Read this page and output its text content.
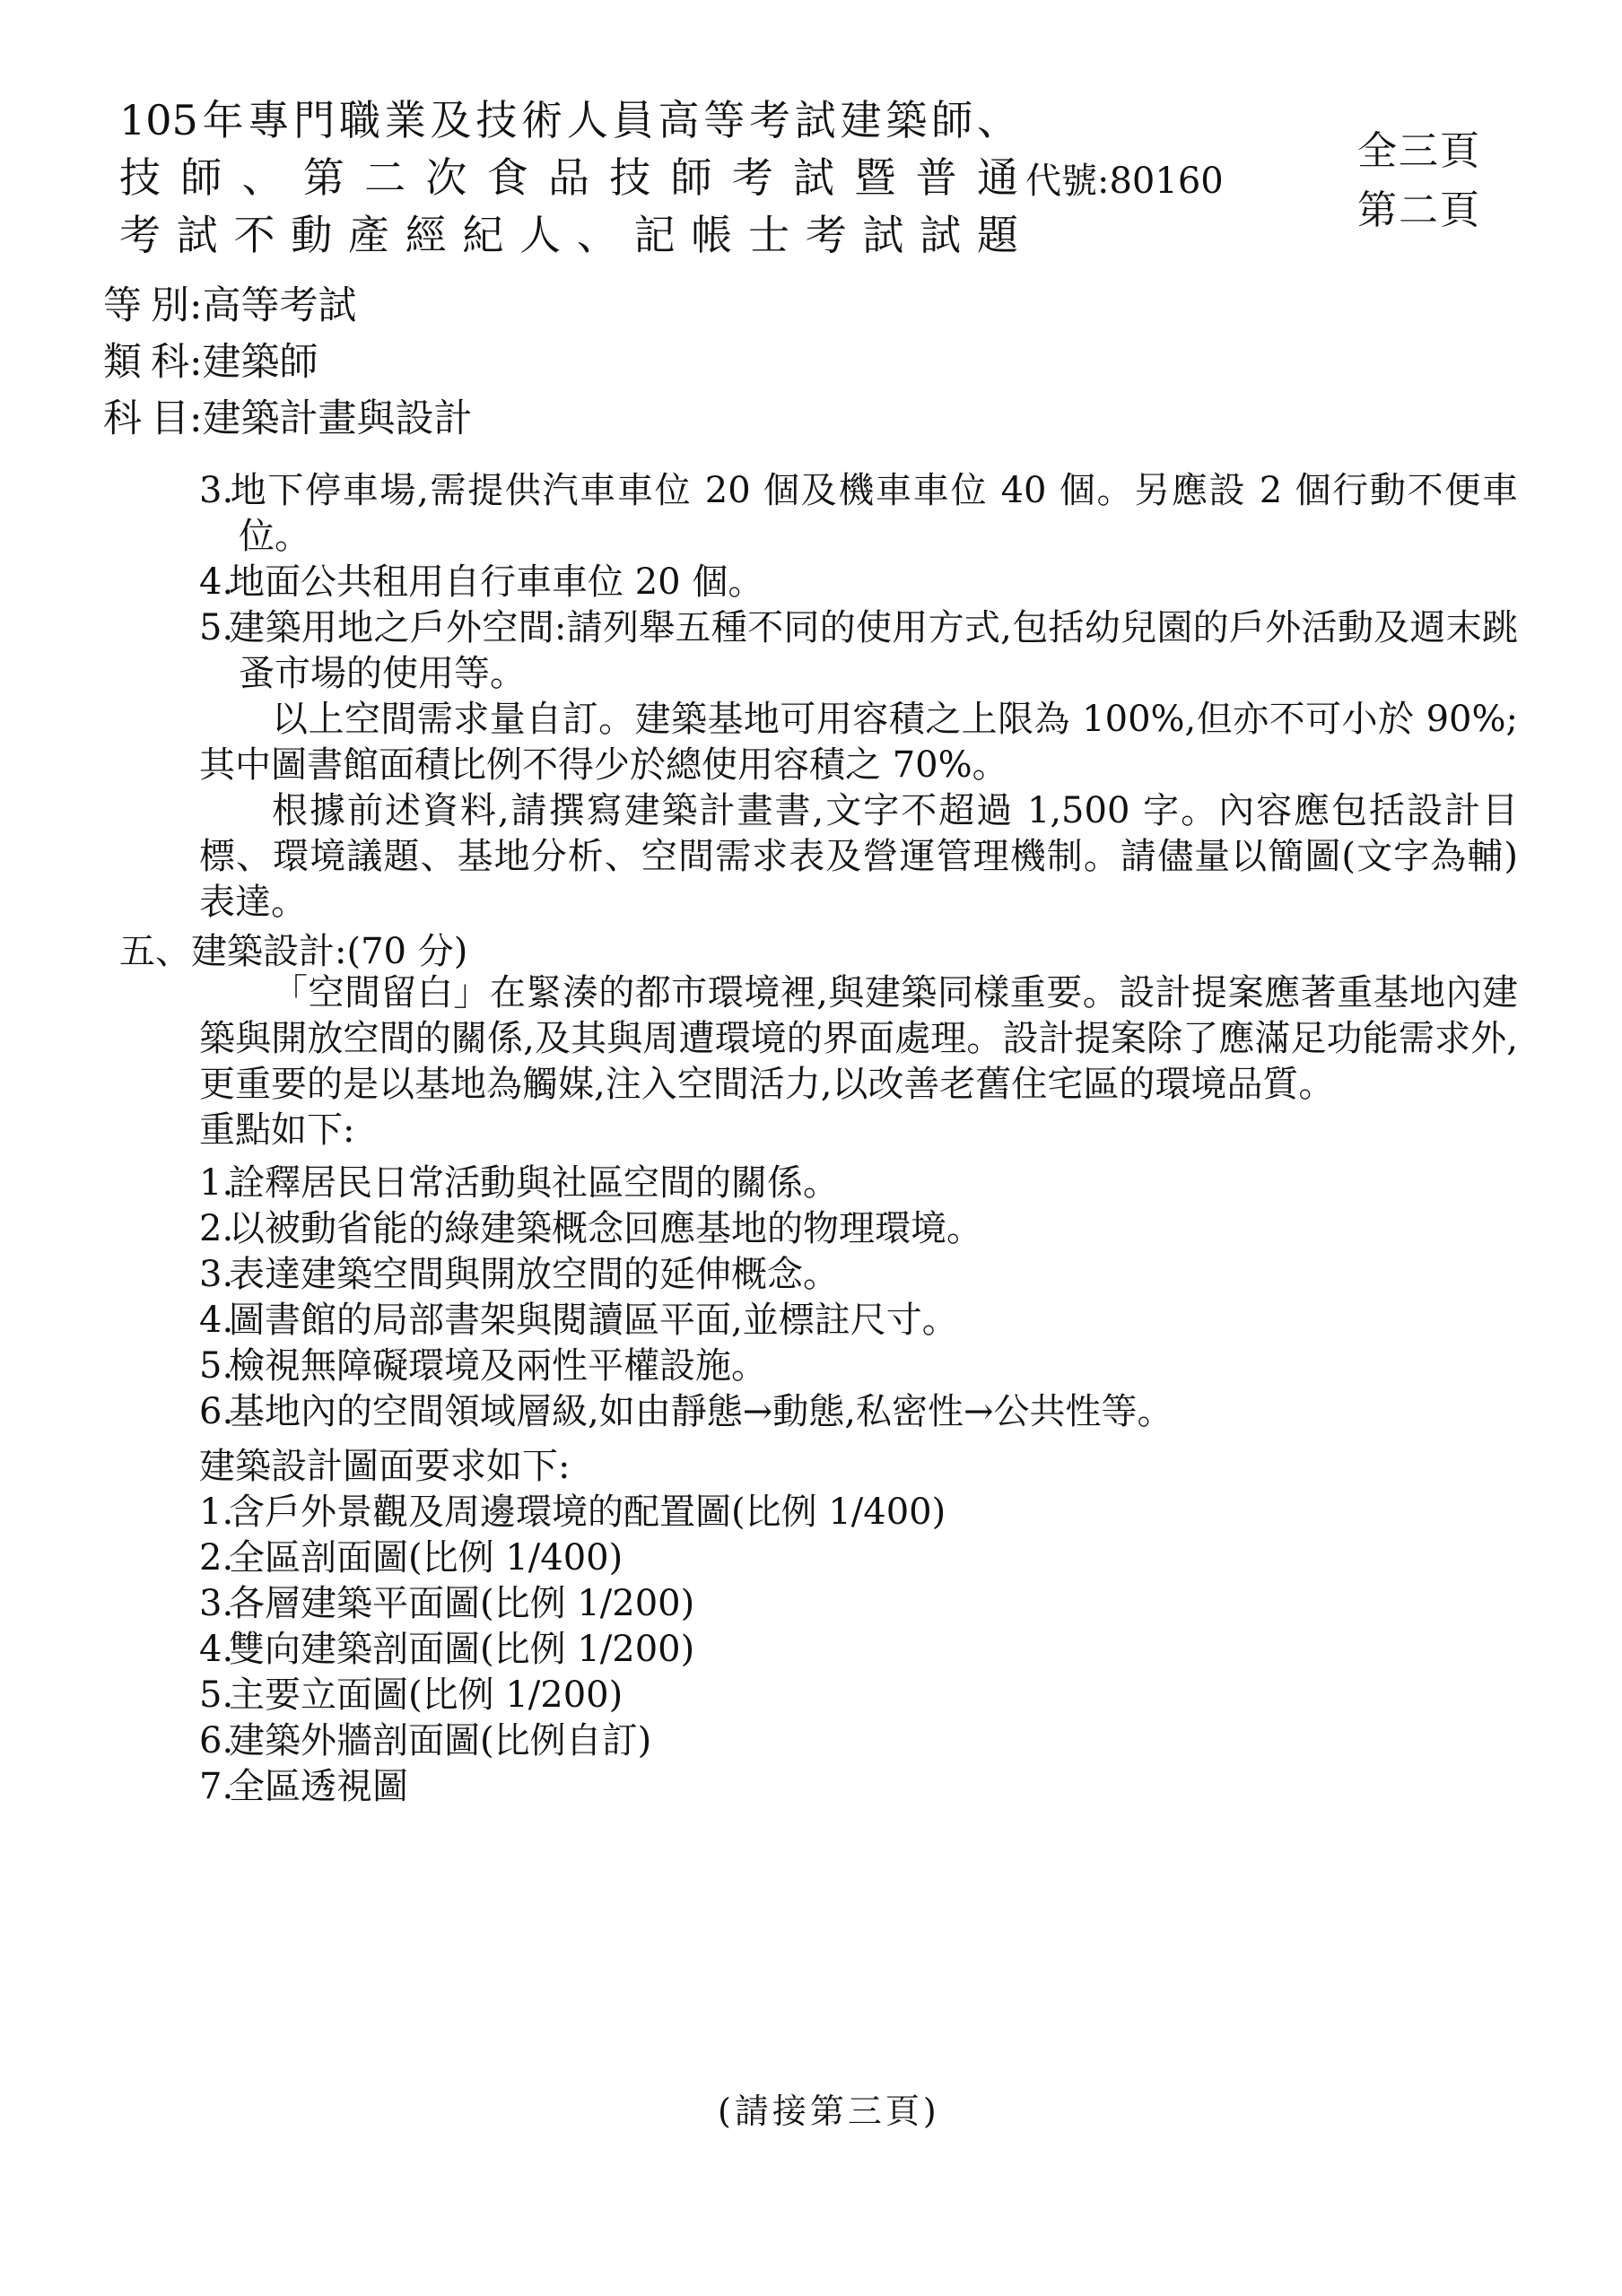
105年專門職業及技術人員高等考試建築師、
技師、第二次食品技師考試暨普通
考試不動產經紀人、記帳士考試試題
代號:80160
全三頁
第二頁
等 別 :高等考試
類 科 :建築師
科 目 :建築計畫與設計
3.地下停車場,需提供汽車車位 20 個及機車車位 40 個。另應設 2 個行動不便車位。
4.地面公共租用自行車車位 20 個。
5.建築用地之戶外空間:請列舉五種不同的使用方式,包括幼兒園的戶外活動及週末跳蚤市場的使用等。

以上空間需求量自訂。建築基地可用容積之上限為 100%,但亦不可小於 90%;其中圖書館面積比例不得少於總使用容積之 70%。

根據前述資料,請撰寫建築計畫書,文字不超過 1,500 字。內容應包括設計目標、環境議題、基地分析、空間需求表及營運管理機制。請儘量以簡圖(文字為輔)表達。

五、建築設計:(70 分)

「空間留白」在緊湊的都市環境裡,與建築同樣重要。設計提案應著重基地內建築與開放空間的關係,及其與周遭環境的界面處理。設計提案除了應滿足功能需求外,更重要的是以基地為觸媒,注入空間活力,以改善老舊住宅區的環境品質。

重點如下:
1.詮釋居民日常活動與社區空間的關係。
2.以被動省能的綠建築概念回應基地的物理環境。
3.表達建築空間與開放空間的延伸概念。
4.圖書館的局部書架與閱讀區平面,並標註尺寸。
5.檢視無障礙環境及兩性平權設施。
6.基地內的空間領域層級,如由靜態→動態,私密性→公共性等。
建築設計圖面要求如下:
1.含戶外景觀及周邊環境的配置圖(比例 1/400)
2.全區剖面圖(比例 1/400)
3.各層建築平面圖(比例 1/200)
4.雙向建築剖面圖(比例 1/200)
5.主要立面圖(比例 1/200)
6.建築外牆剖面圖(比例自訂)
7.全區透視圖
(請接第三頁)
